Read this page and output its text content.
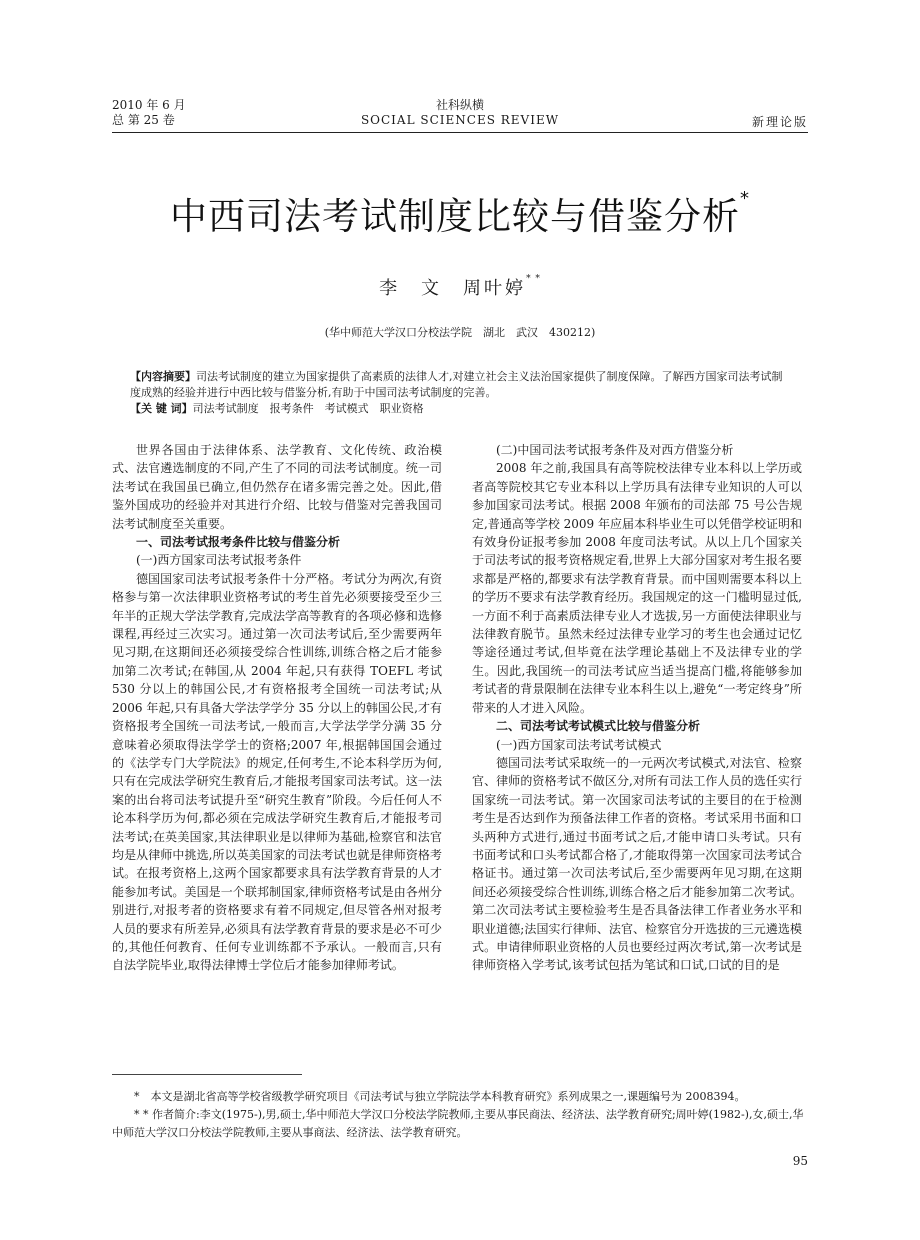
2010 年 6 月
总 第 25 卷
社科纵横
SOCIAL SCIENCES REVIEW	新理论版
中西司法考试制度比较与借鉴分析*
李　文　周叶婷* *
(华中师范大学汉口分校法学院　湖北　武汉　430212)

【内容摘要】司法考试制度的建立为国家提供了高素质的法律人才,对建立社会主义法治国家提供了制度保障。了解西方国家司法考试制度成熟的经验并进行中西比较与借鉴分析,有助于中国司法考试制度的完善。

【关 键 词】司法考试制度　报考条件　考试模式　职业资格

世界各国由于法律体系、法学教育、文化传统、政治模式、法官遴选制度的不同,产生了不同的司法考试制度。统一司法考试在我国虽已确立,但仍然存在诸多需完善之处。因此,借鉴外国成功的经验并对其进行介绍、比较与借鉴对完善我国司法考试制度至关重要。

一、司法考试报考条件比较与借鉴分析

(一)西方国家司法考试报考条件

德国国家司法考试报考条件十分严格。考试分为两次,有资格参与第一次法律职业资格考试的考生首先必须要接受至少三年半的正规大学法学教育,完成法学高等教育的各项必修和选修课程,再经过三次实习。通过第一次司法考试后,至少需要两年见习期,在这期间还必须接受综合性训练,训练合格之后才能参加第二次考试;在韩国,从 2004 年起,只有获得 TOEFL 考试 530 分以上的韩国公民,才有资格报考全国统一司法考试;从 2006 年起,只有具备大学法学学分 35 分以上的韩国公民,才有资格报考全国统一司法考试,一般而言,大学法学学分满 35 分意味着必须取得法学学士的资格;2007 年,根据韩国国会通过的《法学专门大学院法》的规定,任何考生,不论本科学历为何,只有在完成法学研究生教育后,才能报考国家司法考试。这一法案的出台将司法考试提升至“研究生教育”阶段。今后任何人不论本科学历为何,都必须在完成法学研究生教育后,才能报考司法考试;在英美国家,其法律职业是以律师为基础,检察官和法官均是从律师中挑选,所以英美国家的司法考试也就是律师资格考试。在报考资格上,这两个国家都要求具有法学教育背景的人才能参加考试。美国是一个联邦制国家,律师资格考试是由各州分别进行,对报考者的资格要求有着不同规定,但尽管各州对报考人员的要求有所差异,必须具有法学教育背景的要求是必不可少的,其他任何教育、任何专业训练都不予承认。一般而言,只有自法学院毕业,取得法律博士学位后才能参加律师考试。

(二)中国司法考试报考条件及对西方借鉴分析

2008 年之前,我国具有高等院校法律专业本科以上学历或者高等院校其它专业本科以上学历具有法律专业知识的人可以参加国家司法考试。根据 2008 年颁布的司法部 75 号公告规定,普通高等学校 2009 年应届本科毕业生可以凭借学校证明和有效身份证报考参加 2008 年度司法考试。从以上几个国家关于司法考试的报考资格规定看,世界上大部分国家对考生报名要求都是严格的,都要求有法学教育背景。而中国则需要本科以上的学历不要求有法学教育经历。我国规定的这一门槛明显过低,一方面不利于高素质法律专业人才选拔,另一方面使法律职业与法律教育脱节。虽然未经过法律专业学习的考生也会通过记忆等途径通过考试,但毕竟在法学理论基础上不及法律专业的学生。因此,我国统一的司法考试应当适当提高门槛,将能够参加考试者的背景限制在法律专业本科生以上,避免“一考定终身”所带来的人才进入风险。

二、司法考试考试模式比较与借鉴分析

(一)西方国家司法考试考试模式

德国司法考试采取统一的一元两次考试模式,对法官、检察官、律师的资格考试不做区分,对所有司法工作人员的选任实行国家统一司法考试。第一次国家司法考试的主要目的在于检测考生是否达到作为预备法律工作者的资格。考试采用书面和口头两种方式进行,通过书面考试之后,才能申请口头考试。只有书面考试和口头考试都合格了,才能取得第一次国家司法考试合格证书。通过第一次司法考试后,至少需要两年见习期,在这期间还必须接受综合性训练,训练合格之后才能参加第二次考试。第二次司法考试主要检验考生是否具备法律工作者业务水平和职业道德;法国实行律师、法官、检察官分开选拔的三元遴选模式。申请律师职业资格的人员也要经过两次考试,第一次考试是律师资格入学考试,该考试包括为笔试和口试,口试的目的是

*　本文是湖北省高等学校省级教学研究项目《司法考试与独立学院法学本科教育研究》系列成果之一,课题编号为 2008394。

* * 作者简介:李文(1975-),男,硕士,华中师范大学汉口分校法学院教师,主要从事民商法、经济法、法学教育研究;周叶婷(1982-),女,硕士,华中师范大学汉口分校法学院教师,主要从事商法、经济法、法学教育研究。

95
